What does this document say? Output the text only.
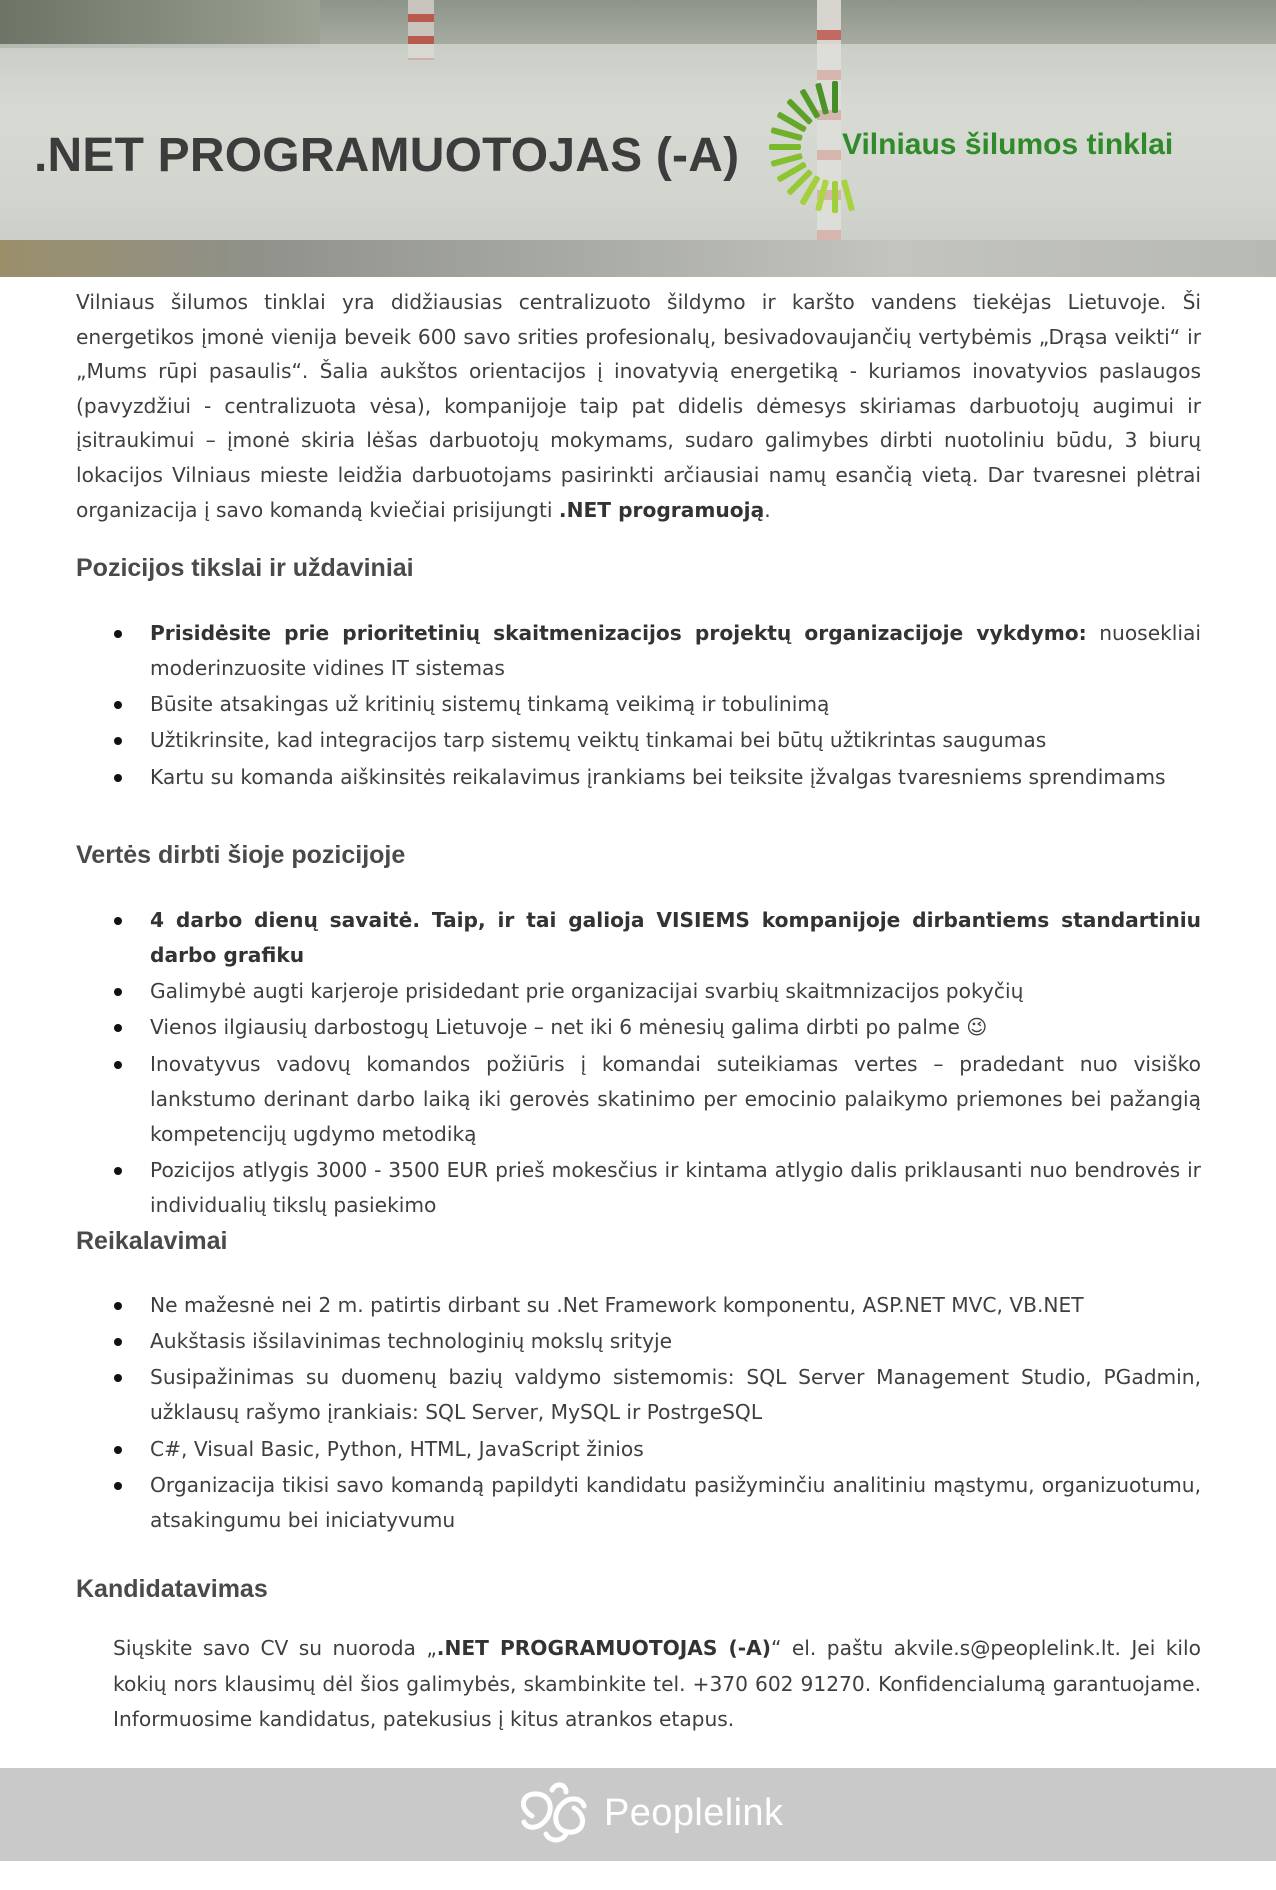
.NET PROGRAMUOTOJAS (-A)	Vilniaus šilumos tinklai

Vilniaus šilumos tinklai yra didžiausias centralizuoto šildymo ir karšto vandens tiekėjas Lietuvoje. Ši energetikos įmonė vienija beveik 600 savo srities profesionalų, besivadovaujančių vertybėmis „Drąsa veikti“ ir „Mums rūpi pasaulis“. Šalia aukštos orientacijos į inovatyvią energetiką - kuriamos inovatyvios paslaugos (pavyzdžiui - centralizuota vėsa), kompanijoje taip pat didelis dėmesys skiriamas darbuotojų augimui ir įsitraukimui – įmonė skiria lėšas darbuotojų mokymams, sudaro galimybes dirbti nuotoliniu būdu, 3 biurų lokacijos Vilniaus mieste leidžia darbuotojams pasirinkti arčiausiai namų esančią vietą. Dar tvaresnei plėtrai organizacija į savo komandą kviečiai prisijungti .NET programuoją.

Pozicijos tikslai ir uždaviniai
Prisidėsite prie prioritetinių skaitmenizacijos projektų organizacijoje vykdymo: nuosekliai moderinzuosite vidines IT sistemas
Būsite atsakingas už kritinių sistemų tinkamą veikimą ir tobulinimą
Užtikrinsite, kad integracijos tarp sistemų veiktų tinkamai bei būtų užtikrintas saugumas
Kartu su komanda aiškinsitės reikalavimus įrankiams bei teiksite įžvalgas tvaresniems sprendimams
Vertės dirbti šioje pozicijoje
4 darbo dienų savaitė. Taip, ir tai galioja VISIEMS kompanijoje dirbantiems standartiniu darbo grafiku
Galimybė augti karjeroje prisidedant prie organizacijai svarbių skaitmnizacijos pokyčių
Vienos ilgiausių darbostogų Lietuvoje – net iki 6 mėnesių galima dirbti po palme 😉
Inovatyvus vadovų komandos požiūris į komandai suteikiamas vertes – pradedant nuo visiško lankstumo derinant darbo laiką iki gerovės skatinimo per emocinio palaikymo priemones bei pažangią kompetencijų ugdymo metodiką
Pozicijos atlygis 3000 - 3500 EUR prieš mokesčius ir kintama atlygio dalis priklausanti nuo bendrovės ir individualių tikslų pasiekimo
Reikalavimai
Ne mažesnė nei 2 m. patirtis dirbant su .Net Framework komponentu, ASP.NET MVC, VB.NET
Aukštasis išsilavinimas technologinių mokslų srityje
Susipažinimas su duomenų bazių valdymo sistemomis: SQL Server Management Studio, PGadmin, užklausų rašymo įrankiais: SQL Server, MySQL ir PostrgeSQL
C#, Visual Basic, Python, HTML, JavaScript žinios
Organizacija tikisi savo komandą papildyti kandidatu pasižyminčiu analitiniu mąstymu, organizuotumu, atsakingumu bei iniciatyvumu
Kandidatavimas

Siųskite savo CV su nuoroda „.NET PROGRAMUOTOJAS (-A)“ el. paštu akvile.s@peoplelink.lt. Jei kilo kokių nors klausimų dėl šios galimybės, skambinkite tel. +370 602 91270. Konfidencialumą garantuojame. Informuosime kandidatus, patekusius į kitus atrankos etapus.

Peoplelink
